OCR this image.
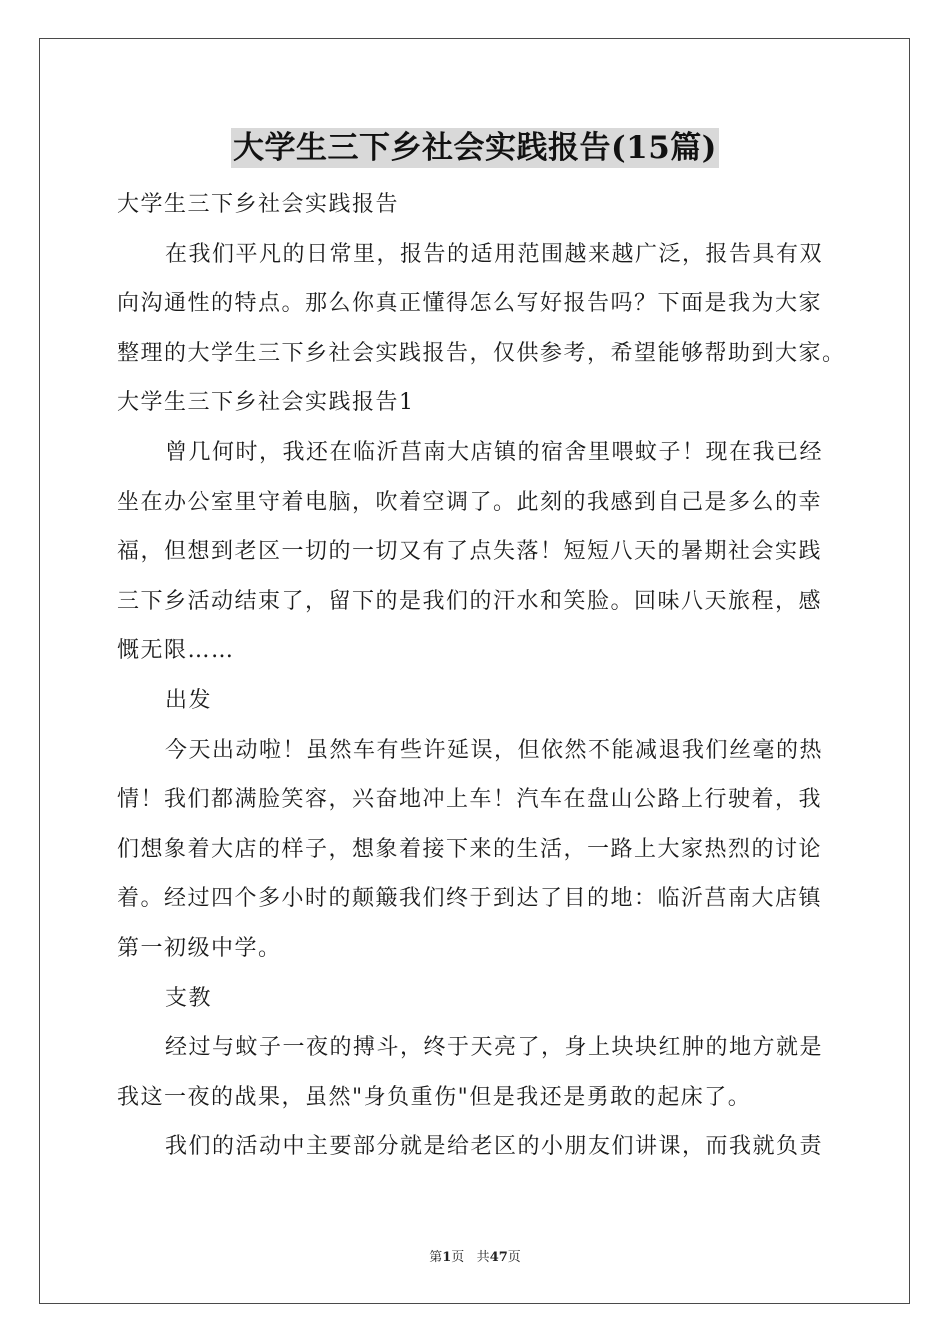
大学生三下乡社会实践报告(15篇)
大学生三下乡社会实践报告
在我们平凡的日常里，报告的适用范围越来越广泛，报告具有双
向沟通性的特点。那么你真正懂得怎么写好报告吗？下面是我为大家
整理的大学生三下乡社会实践报告，仅供参考，希望能够帮助到大家。
大学生三下乡社会实践报告1
曾几何时，我还在临沂莒南大店镇的宿舍里喂蚊子！现在我已经
坐在办公室里守着电脑，吹着空调了。此刻的我感到自己是多么的幸
福，但想到老区一切的一切又有了点失落！短短八天的暑期社会实践
三下乡活动结束了，留下的是我们的汗水和笑脸。回味八天旅程，感
慨无限……
出发
今天出动啦！虽然车有些许延误，但依然不能减退我们丝毫的热
情！我们都满脸笑容，兴奋地冲上车！汽车在盘山公路上行驶着，我
们想象着大店的样子，想象着接下来的生活，一路上大家热烈的讨论
着。经过四个多小时的颠簸我们终于到达了目的地：临沂莒南大店镇
第一初级中学。
支教
经过与蚊子一夜的搏斗，终于天亮了，身上块块红肿的地方就是
我这一夜的战果，虽然"身负重伤"但是我还是勇敢的起床了。
我们的活动中主要部分就是给老区的小朋友们讲课，而我就负责
第1页 共47页
